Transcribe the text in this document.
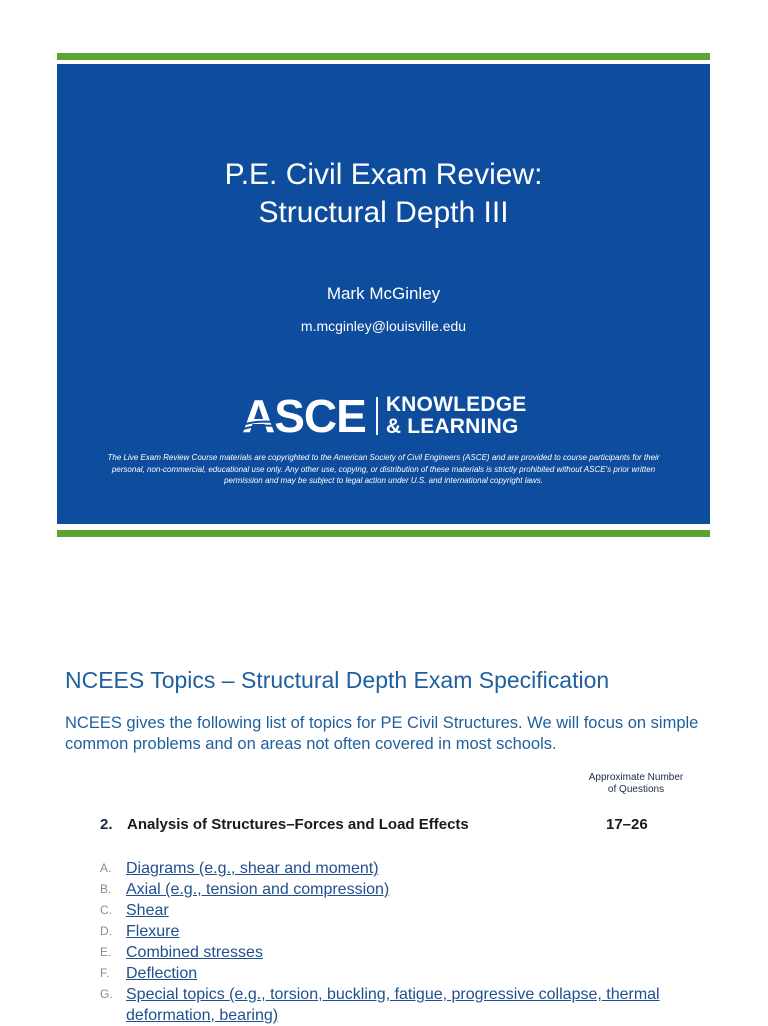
P.E. Civil Exam Review:
Structural Depth III
Mark McGinley
m.mcginley@louisville.edu
ASCE KNOWLEDGE
& LEARNING
The Live Exam Review Course materials are copyrighted to the American Society of Civil Engineers (ASCE) and are provided to course participants for their personal, non-commercial, educational use only. Any other use, copying, or distribution of these materials is strictly prohibited without ASCE's prior written permission and may be subject to legal action under U.S. and international copyright laws.
NCEES Topics – Structural Depth Exam Specification
NCEES gives the following list of topics for PE Civil Structures. We will focus on simple common problems and on areas not often covered in most schools.
Approximate Number
of Questions
2. Analysis of Structures–Forces and Load Effects	17–26
A. Diagrams (e.g., shear and moment)
B. Axial (e.g., tension and compression)
C. Shear
D. Flexure
E. Combined stresses
F.	Deflection
G. Special topics (e.g., torsion, buckling, fatigue, progressive collapse, thermal deformation, bearing)
